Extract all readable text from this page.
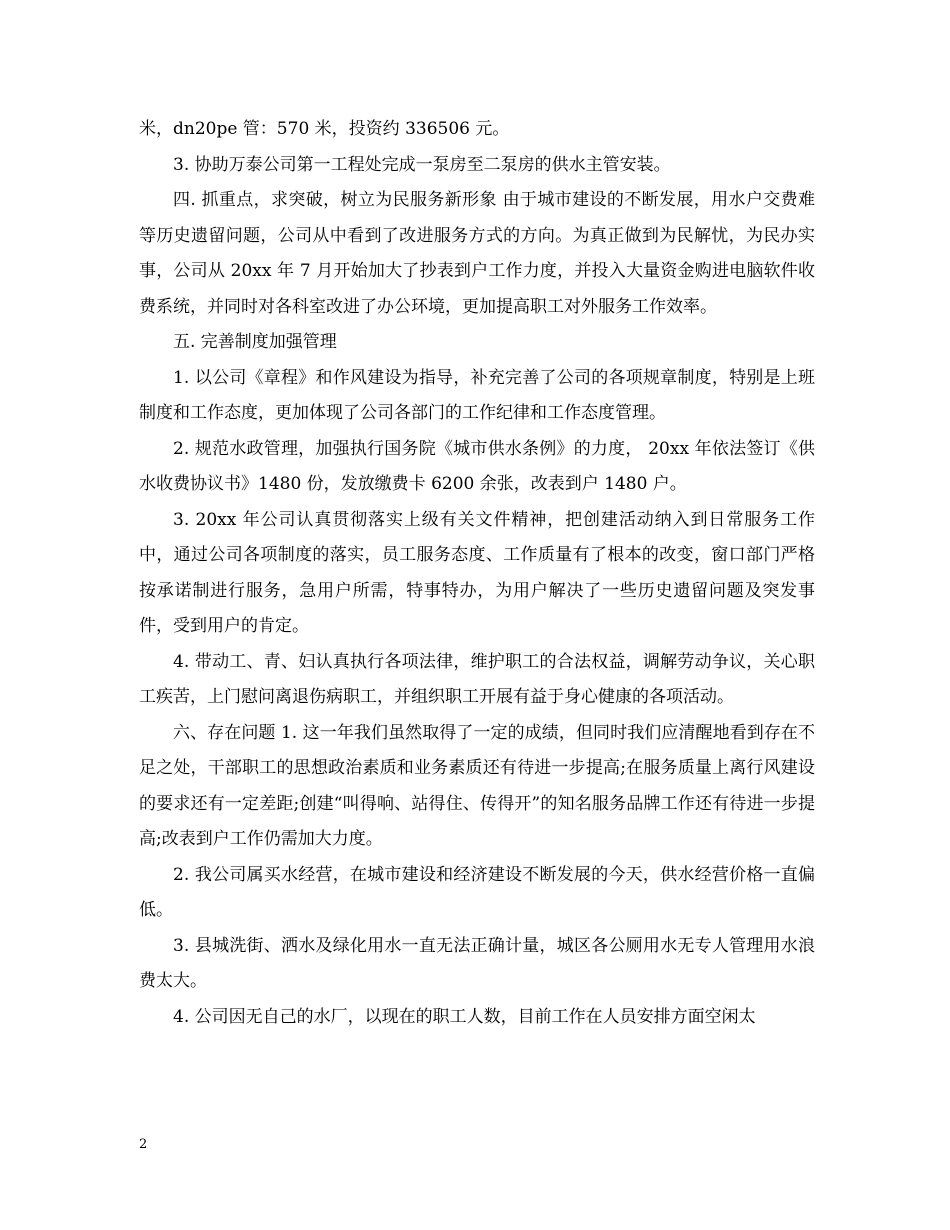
米，dn20pe 管：570 米，投资约 336506 元。

3. 协助万泰公司第一工程处完成一泵房至二泵房的供水主管安装。

四. 抓重点，求突破，树立为民服务新形象 由于城市建设的不断发展，用水户交费难等历史遗留问题，公司从中看到了改进服务方式的方向。为真正做到为民解忧，为民办实事，公司从 20xx 年 7 月开始加大了抄表到户工作力度，并投入大量资金购进电脑软件收费系统，并同时对各科室改进了办公环境，更加提高职工对外服务工作效率。

五. 完善制度加强管理

1. 以公司《章程》和作风建设为指导，补充完善了公司的各项规章制度，特别是上班制度和工作态度，更加体现了公司各部门的工作纪律和工作态度管理。

2. 规范水政管理，加强执行国务院《城市供水条例》的力度， 20xx 年依法签订《供水收费协议书》1480 份，发放缴费卡 6200 余张，改表到户 1480 户。

3. 20xx 年公司认真贯彻落实上级有关文件精神，把创建活动纳入到日常服务工作中，通过公司各项制度的落实，员工服务态度、工作质量有了根本的改变，窗口部门严格按承诺制进行服务，急用户所需，特事特办，为用户解决了一些历史遗留问题及突发事件，受到用户的肯定。

4. 带动工、青、妇认真执行各项法律，维护职工的合法权益，调解劳动争议，关心职工疾苦，上门慰问离退伤病职工，并组织职工开展有益于身心健康的各项活动。

六、存在问题 1. 这一年我们虽然取得了一定的成绩，但同时我们应清醒地看到存在不足之处，干部职工的思想政治素质和业务素质还有待进一步提高;在服务质量上离行风建设的要求还有一定差距;创建“叫得响、站得住、传得开”的知名服务品牌工作还有待进一步提高;改表到户工作仍需加大力度。

2. 我公司属买水经营，在城市建设和经济建设不断发展的今天，供水经营价格一直偏低。

3. 县城洗街、洒水及绿化用水一直无法正确计量，城区各公厕用水无专人管理用水浪费太大。

4. 公司因无自己的水厂，以现在的职工人数，目前工作在人员安排方面空闲太

2
